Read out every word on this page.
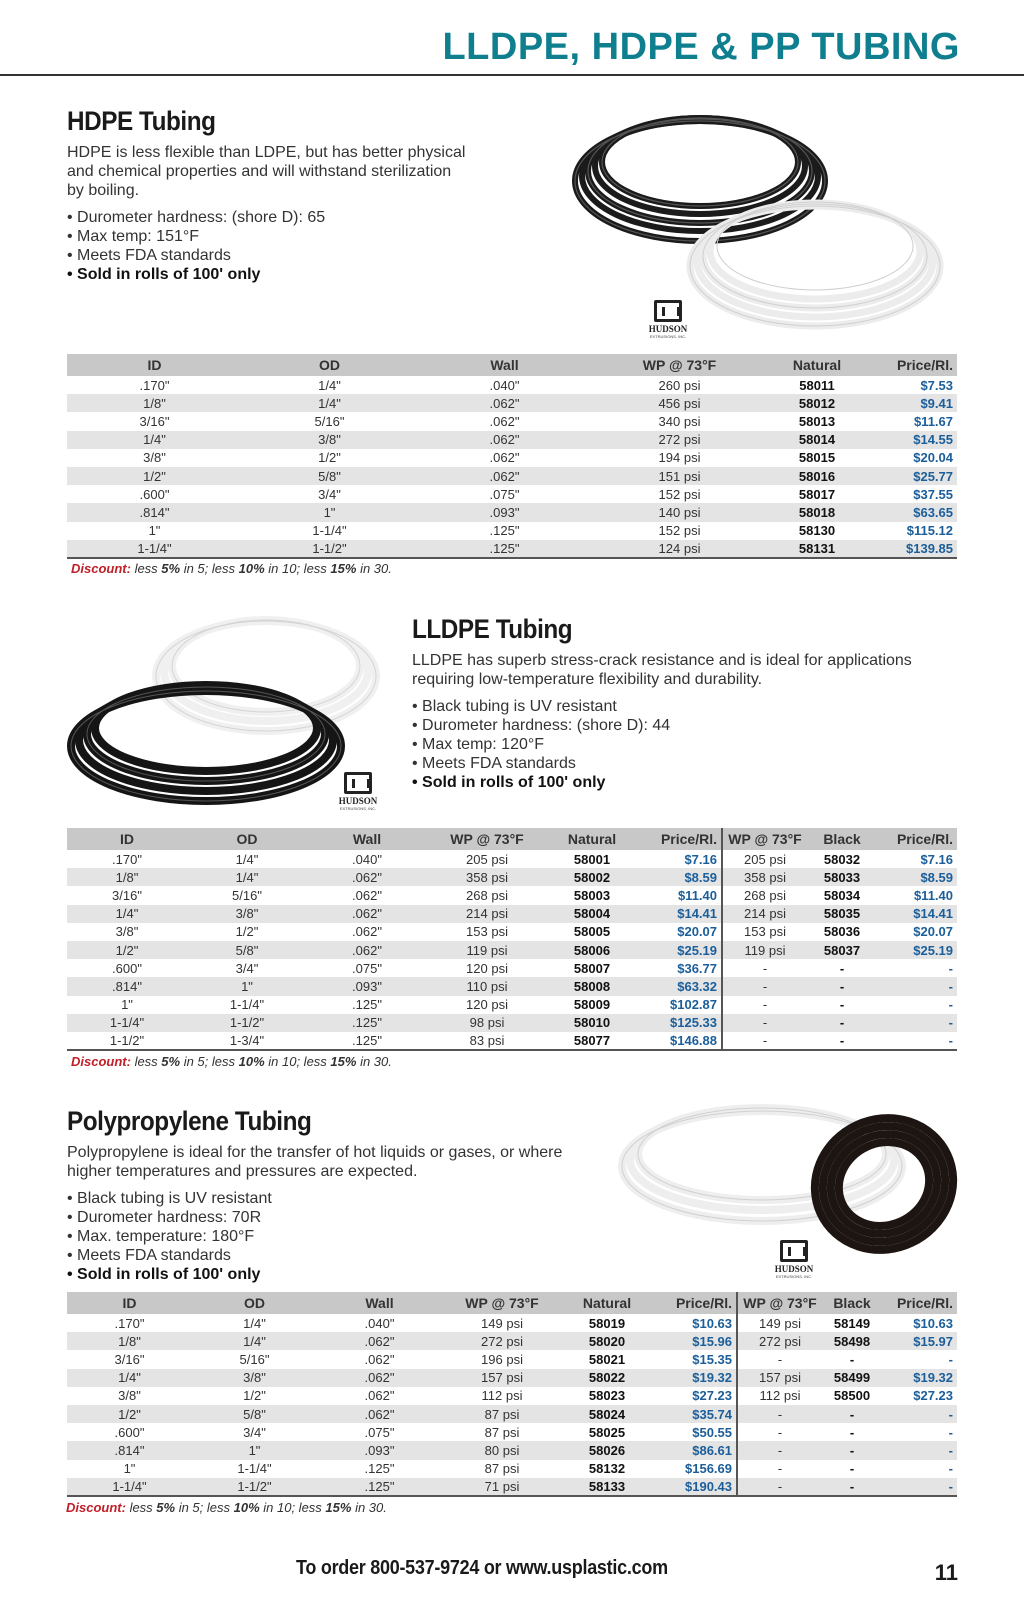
LLDPE, HDPE & PP TUBING
HDPE Tubing
HDPE is less flexible than LDPE, but has better physical and chemical properties and will withstand sterilization by boiling.
• Durometer hardness: (shore D): 65
• Max temp: 151°F
• Meets FDA standards
• Sold in rolls of 100' only
HUDSON
EXTRUSIONS, INC.
ID	OD	Wall	WP @ 73°F	Natural	Price/Rl.
.170"	1/4"	.040"	260 psi	58011	$7.53
1/8"	1/4"	.062"	456 psi	58012	$9.41
3/16"	5/16"	.062"	340 psi	58013	$11.67
1/4"	3/8"	.062"	272 psi	58014	$14.55
3/8"	1/2"	.062"	194 psi	58015	$20.04
1/2"	5/8"	.062"	151 psi	58016	$25.77
.600"	3/4"	.075"	152 psi	58017	$37.55
.814"	1"	.093"	140 psi	58018	$63.65
1"	1-1/4"	.125"	152 psi	58130	$115.12
1-1/4"	1-1/2"	.125"	124 psi	58131	$139.85
Discount: less 5% in 5; less 10% in 10; less 15% in 30.
HUDSON
EXTRUSIONS, INC.
LLDPE Tubing
LLDPE has superb stress-crack resistance and is ideal for applications requiring low-temperature flexibility and durability.
• Black tubing is UV resistant
• Durometer hardness: (shore D): 44
• Max temp: 120°F
• Meets FDA standards
• Sold in rolls of 100' only
ID	OD	Wall	WP @ 73°F	Natural	Price/Rl.	WP @ 73°F	Black	Price/Rl.
.170"	1/4"	.040"	205 psi	58001	$7.16	205 psi	58032	$7.16
1/8"	1/4"	.062"	358 psi	58002	$8.59	358 psi	58033	$8.59
3/16"	5/16"	.062"	268 psi	58003	$11.40	268 psi	58034	$11.40
1/4"	3/8"	.062"	214 psi	58004	$14.41	214 psi	58035	$14.41
3/8"	1/2"	.062"	153 psi	58005	$20.07	153 psi	58036	$20.07
1/2"	5/8"	.062"	119 psi	58006	$25.19	119 psi	58037	$25.19
.600"	3/4"	.075"	120 psi	58007	$36.77	-	-	-
.814"	1"	.093"	110 psi	58008	$63.32	-	-	-
1"	1-1/4"	.125"	120 psi	58009	$102.87	-	-	-
1-1/4"	1-1/2"	.125"	98 psi	58010	$125.33	-	-	-
1-1/2"	1-3/4"	.125"	83 psi	58077	$146.88	-	-	-
Discount: less 5% in 5; less 10% in 10; less 15% in 30.
Polypropylene Tubing
Polypropylene is ideal for the transfer of hot liquids or gases, or where higher temperatures and pressures are expected.
• Black tubing is UV resistant
• Durometer hardness: 70R
• Max. temperature: 180°F
• Meets FDA standards
• Sold in rolls of 100' only	HUDSON
EXTRUSIONS, INC.
ID	OD	Wall	WP @ 73°F	Natural	Price/Rl.	WP @ 73°F	Black	Price/Rl.
.170"	1/4"	.040"	149 psi	58019	$10.63	149 psi	58149	$10.63
1/8"	1/4"	.062"	272 psi	58020	$15.96	272 psi	58498	$15.97
3/16"	5/16"	.062"	196 psi	58021	$15.35	-	-	-
1/4"	3/8"	.062"	157 psi	58022	$19.32	157 psi	58499	$19.32
3/8"	1/2"	.062"	112 psi	58023	$27.23	112 psi	58500	$27.23
1/2"	5/8"	.062"	87 psi	58024	$35.74	-	-	-
.600"	3/4"	.075"	87 psi	58025	$50.55	-	-	-
.814"	1"	.093"	80 psi	58026	$86.61	-	-	-
1"	1-1/4"	.125"	87 psi	58132	$156.69	-	-	-
1-1/4"	1-1/2"	.125"	71 psi	58133	$190.43	-	-	-
Discount: less 5% in 5; less 10% in 10; less 15% in 30.
To order 800-537-9724 or www.usplastic.com	11
